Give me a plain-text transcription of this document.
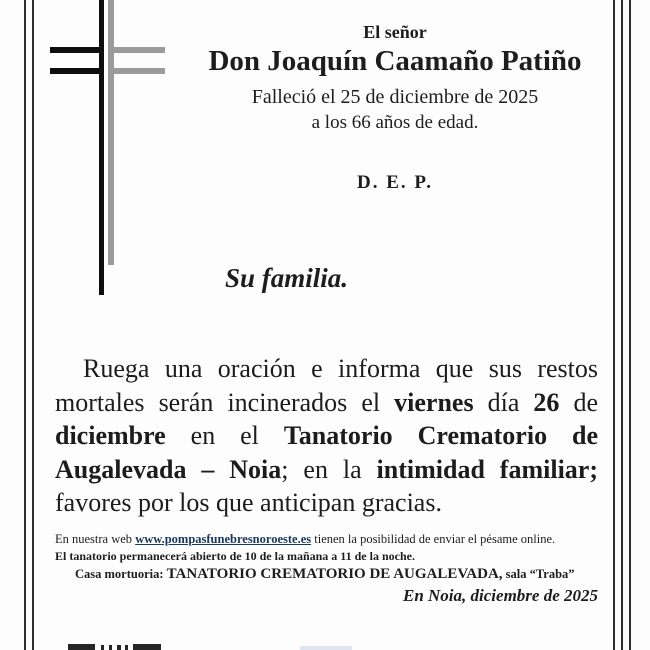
El señor
Don Joaquín Caamaño Patiño
Falleció el 25 de diciembre de 2025
a los 66 años de edad.
D. E. P.
Su familia.

Ruega una oración e informa que sus restos mortales serán incinerados el viernes día 26 de diciembre en el Tanatorio Crematorio de Augalevada – Noia; en la intimidad familiar; favores por los que anticipan gracias.

En nuestra web www.pompasfunebresnoroeste.es tienen la posibilidad de enviar el pésame online.
El tanatorio permanecerá abierto de 10 de la mañana a 11 de la noche.
Casa mortuoria: TANATORIO CREMATORIO DE AUGALEVADA, sala “Traba”
En Noia, diciembre de 2025
